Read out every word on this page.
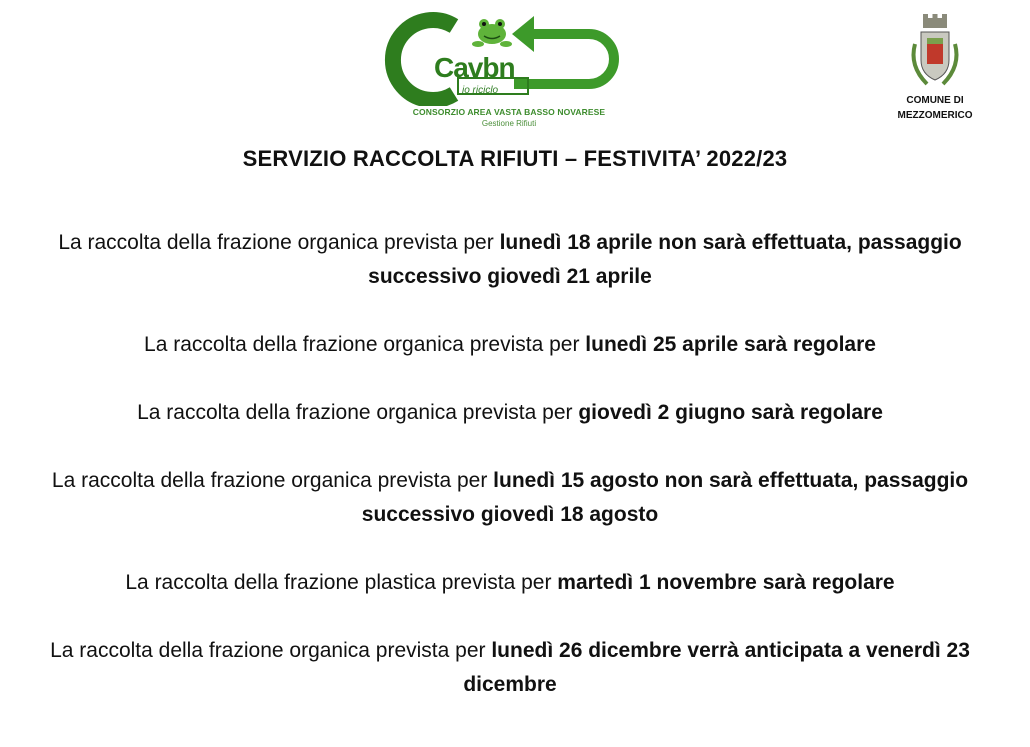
Cavbn
io riciclo
CONSORZIO AREA VASTA BASSO NOVARESE
Gestione Rifiuti
COMUNE DI
MEZZOMERICO
SERVIZIO RACCOLTA RIFIUTI – FESTIVITA’ 2022/23

La raccolta della frazione organica prevista per lunedì 18 aprile non sarà effettuata, passaggio successivo giovedì 21 aprile

La raccolta della frazione organica prevista per lunedì 25 aprile sarà regolare

La raccolta della frazione organica prevista per giovedì 2 giugno sarà regolare

La raccolta della frazione organica prevista per lunedì 15 agosto non sarà effettuata, passaggio successivo giovedì 18 agosto

La raccolta della frazione plastica prevista per martedì 1 novembre sarà regolare

La raccolta della frazione organica prevista per lunedì 26 dicembre verrà anticipata a venerdì 23 dicembre
